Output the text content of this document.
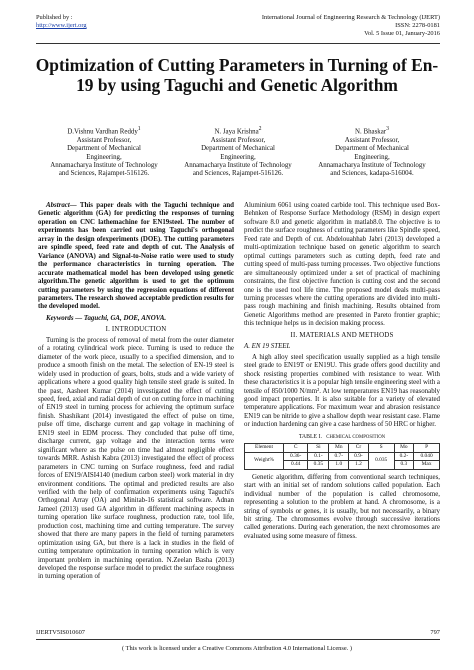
Published by :
http://www.ijert.org
International Journal of Engineering Research & Technology (IJERT)
ISSN: 2278-0181
Vol. 5 Issue 01, January-2016
Optimization of Cutting Parameters in Turning of En-19 by using Taguchi and Genetic Algorithm
D.Vishnu Vardhan Reddy$^1$
Assistant Professor,
Department of Mechanical
Engineering,
Annamacharya Institute of Technology
and Sciences, Rajampet-516126.
N. Jaya Krishna$^2$
Assistant Professor,
Department of Mechanical
Engineering,
Annamacharya Institute of Technology
and Sciences, Rajampet-516126.
N. Bhaskar$^3$
Assistant Professor,
Department of Mechanical
Engineering,
Annamacharya Institute of Technology
and Sciences, kadapa-516004.

Abstract— This paper deals with the Taguchi technique and Genetic algorithm (GA) for predicting the responses of turning operation on CNC lathemachine for EN19steel. The number of experiments has been carried out using Taguchi's orthogonal array in the design ofexperiments (DOE). The cutting parameters are spindle speed, feed rate and depth of cut. The Analysis of Variance (ANOVA) and Signal-to-Noise ratio were used to study the performance characteristics in turning operation. The accurate mathematical model has been developed using genetic algorithm.The genetic algorithm is used to get the optimum cutting parameters by using the regression equations of different parameters. The research showed acceptable prediction results for the developed model.

Keywords — Taguchi, GA, DOE, ANOVA.

I. INTRODUCTION

Turning is the process of removal of metal from the outer diameter of a rotating cylindrical work piece. Turning is used to reduce the diameter of the work piece, usually to a specified dimension, and to produce a smooth finish on the metal. The selection of EN-19 steel is widely used in production of gears, bolts, studs and a wide variety of applications where a good quality high tensile steel grade is suited. In the past, Aasheet Kumar (2014) investigated the effect of cutting speed, feed, axial and radial depth of cut on cutting force in machining of EN19 steel in turning process for achieving the optimum surface finish. Shashikant (2014) investigated the effect of pulse on time, pulse off time, discharge current and gap voltage in machining of EN19 steel in EDM process. They concluded that pulse off time, discharge current, gap voltage and the interaction terms were significant where as the pulse on time had almost negligible effect towards MRR. Ashish Kabra (2013) investigated the effect of process parameters in CNC turning on Surface roughness, feed and radial forces of EN19/AISI4140 (medium carbon steel) work material in dry environment conditions. The optimal and predicted results are also verified with the help of confirmation experiments using Taguchi's Orthogonal Array (OA) and Minitab-16 statistical software. Adnan Jameel (2013) used GA algorithm in different machining aspects in turning operation like surface roughness, production rate, tool life, production cost, machining time and cutting temperature. The survey showed that there are many papers in the field of turning parameters optimization using GA, but there is a lack in studies in the field of cutting temperature optimization in turning operation which is very important problem in machining operation. N.Zeelan Basha (2013) developed the response surface model to predict the surface roughness in turning operation of

Aluminium 6061 using coated carbide tool. This technique used Box-Behnken of Response Surface Methodology (RSM) in design expert software 8.0 and genetic algorithm in matlab8.0. The objective is to predict the surface roughness of cutting parameters like Spindle speed, Feed rate and Depth of cut. Abdelouahhab Jabri (2013) developed a multi-optimization technique based on genetic algorithm to search optimal cuttings parameters such as cutting depth, feed rate and cutting speed of multi-pass turning processes. Two objective functions are simultaneously optimized under a set of practical of machining constraints, the first objective function is cutting cost and the second one is the used tool life time. The proposed model deals multi-pass turning processes where the cutting operations are divided into multi-pass rough machining and finish machining. Results obtained from Genetic Algorithms method are presented in Pareto frontier graphic; this technique helps us in decision making process.

II. MATERIALS AND METHODS
A. EN 19 STEEL

A high alloy steel specification usually supplied as a high tensile steel grade to EN19T or EN19U. This grade offers good ductility and shock resisting properties combined with resistance to wear. With these characteristics it is a popular high tensile engineering steel with a tensile of 850/1000 N/mm². At low temperatures EN19 has reasonably good impact properties. It is also suitable for a variety of elevated temperature applications. For maximum wear and abrasion resistance EN19 can be nitride to give a shallow depth wear resistant case. Flame or induction hardening can give a case hardness of 50 HRC or higher.

TABLE I. CHEMICAL COMPOSITION
Element	C	Si	Mn	Cr	S	Mo	P
Weight%	0.36-	0.1-	0.7-	0.9-	0.035	0.2-	0.040
	0.44	0.35	1.0	1.2		0.3	Max

Genetic algorithm, differing from conventional search techniques, start with an initial set of random solutions called population. Each individual number of the population is called chromosome, representing a solution to the problem at hand. A chromosome, is a string of symbols or genes, it is usually, but not necessarily, a binary bit string. The chromosomes evolve through successive iterations called generations. During each generation, the next chromosomes are evaluated using some measure of fitness.

IJERTV5IS010607	797
( This work is licensed under a Creative Commons Attribution 4.0 International License. )
